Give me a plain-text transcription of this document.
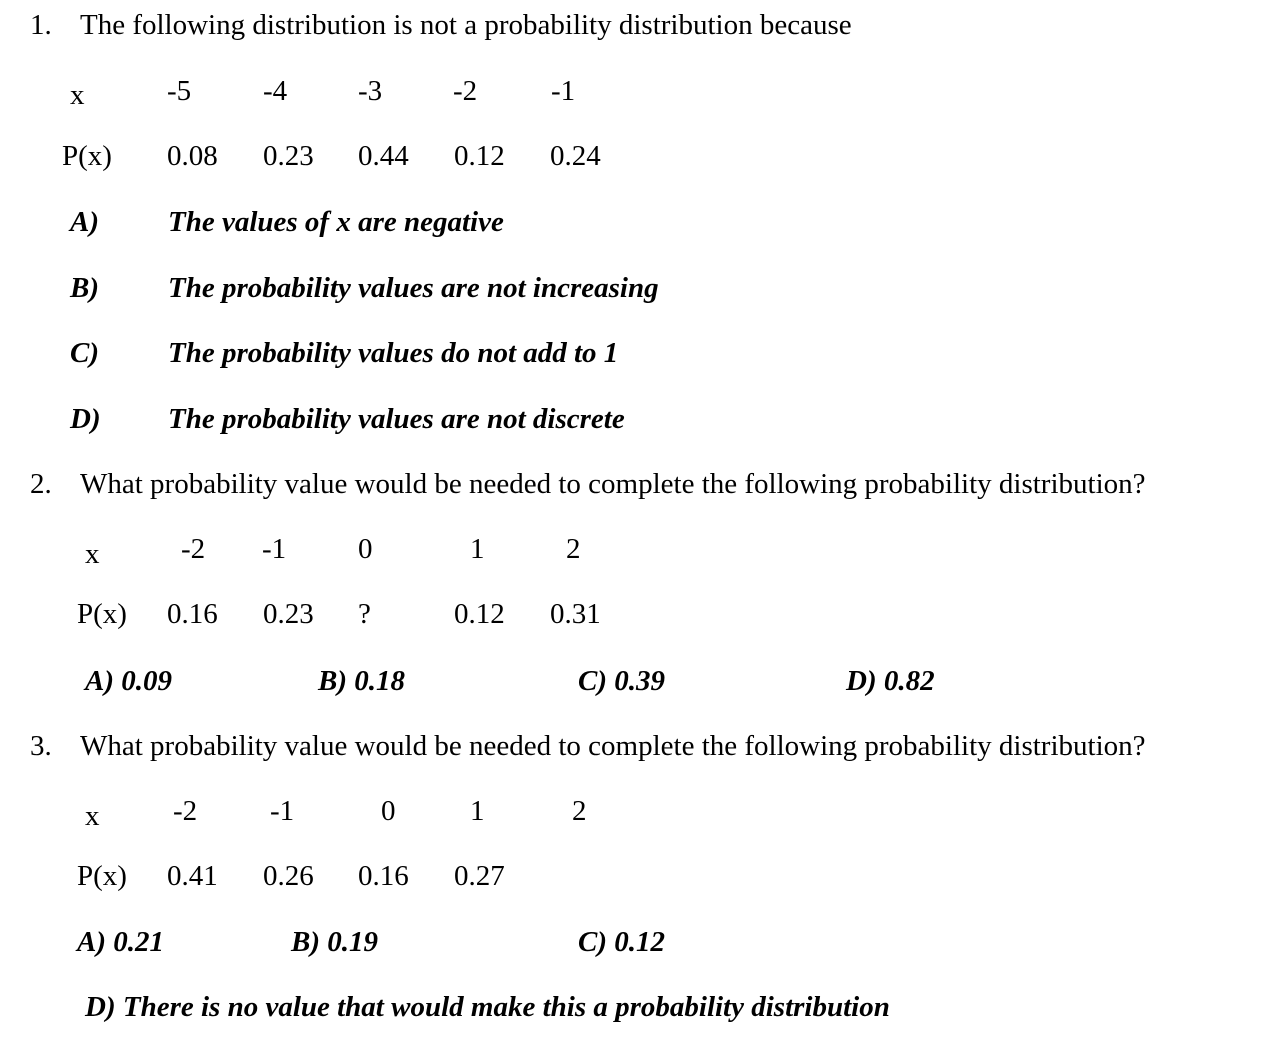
1. The following distribution is not a probability distribution because
x	-5 -4 -3 -2	-1
P(x) 0.08 0.23 0.44 0.12 0.24
A) The values of x are negative
B) The probability values are not increasing
C) The probability values do not add to 1
D) The probability values are not discrete
2. What probability value would be needed to complete the following probability distribution?
x	-2 -1 0	1	2
P(x) 0.16 0.23 ?	0.12 0.31
A) 0.09	B) 0.18	C) 0.39	D) 0.82
3. What probability value would be needed to complete the following probability distribution?
x	-2	-1	0	1	2
P(x) 0.41 0.26 0.16 0.27
A) 0.21	B) 0.19	C) 0.12
D) There is no value that would make this a probability distribution
